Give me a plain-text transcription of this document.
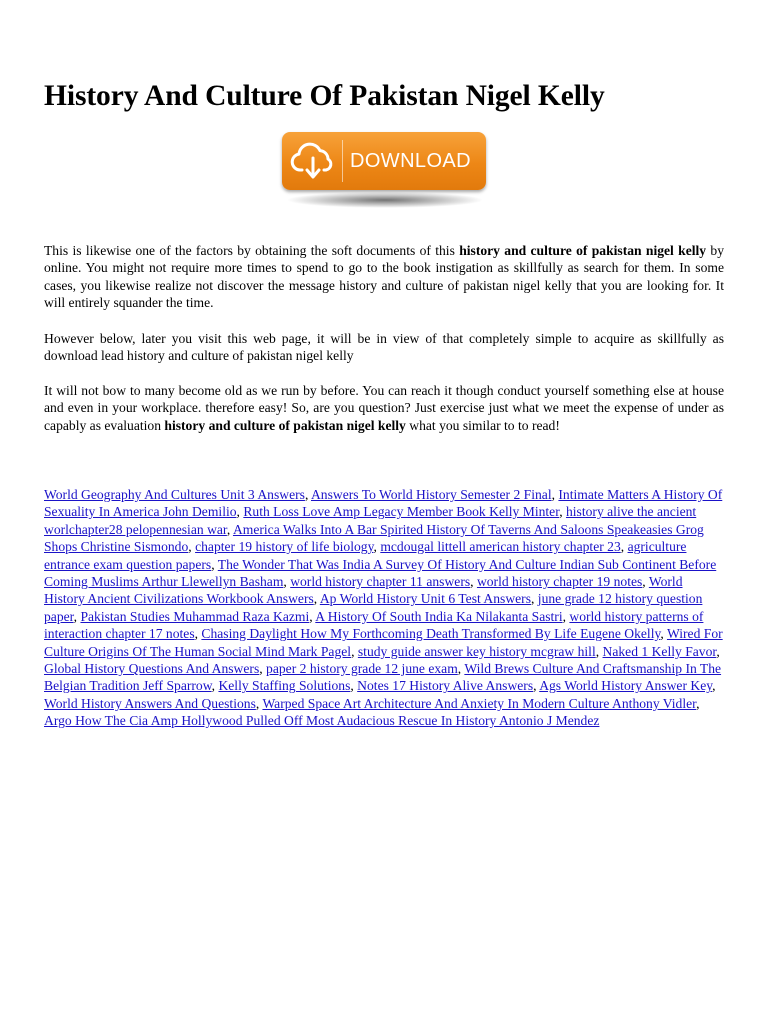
History And Culture Of Pakistan Nigel Kelly
DOWNLOAD

This is likewise one of the factors by obtaining the soft documents of this history and culture of pakistan nigel kelly by online. You might not require more times to spend to go to the book instigation as skillfully as search for them. In some cases, you likewise realize not discover the message history and culture of pakistan nigel kelly that you are looking for. It will entirely squander the time.

However below, later you visit this web page, it will be in view of that completely simple to acquire as skillfully as download lead history and culture of pakistan nigel kelly

It will not bow to many become old as we run by before. You can reach it though conduct yourself something else at house and even in your workplace. therefore easy! So, are you question? Just exercise just what we meet the expense of under as capably as evaluation history and culture of pakistan nigel kelly what you similar to to read!

World Geography And Cultures Unit 3 Answers, Answers To World History Semester 2 Final, Intimate Matters A History Of Sexuality In America John Demilio, Ruth Loss Love Amp Legacy Member Book Kelly Minter, history alive the ancient worlchapter28 pelopennesian war, America Walks Into A Bar Spirited History Of Taverns And Saloons Speakeasies Grog Shops Christine Sismondo, chapter 19 history of life biology, mcdougal littell american history chapter 23, agriculture entrance exam question papers, The Wonder That Was India A Survey Of History And Culture Indian Sub Continent Before Coming Muslims Arthur Llewellyn Basham, world history chapter 11 answers, world history chapter 19 notes, World History Ancient Civilizations Workbook Answers, Ap World History Unit 6 Test Answers, june grade 12 history question paper, Pakistan Studies Muhammad Raza Kazmi, A History Of South India Ka Nilakanta Sastri, world history patterns of interaction chapter 17 notes, Chasing Daylight How My Forthcoming Death Transformed By Life Eugene Okelly, Wired For Culture Origins Of The Human Social Mind Mark Pagel, study guide answer key history mcgraw hill, Naked 1 Kelly Favor, Global History Questions And Answers, paper 2 history grade 12 june exam, Wild Brews Culture And Craftsmanship In The Belgian Tradition Jeff Sparrow, Kelly Staffing Solutions, Notes 17 History Alive Answers, Ags World History Answer Key, World History Answers And Questions, Warped Space Art Architecture And Anxiety In Modern Culture Anthony Vidler, Argo How The Cia Amp Hollywood Pulled Off Most Audacious Rescue In History Antonio J Mendez
